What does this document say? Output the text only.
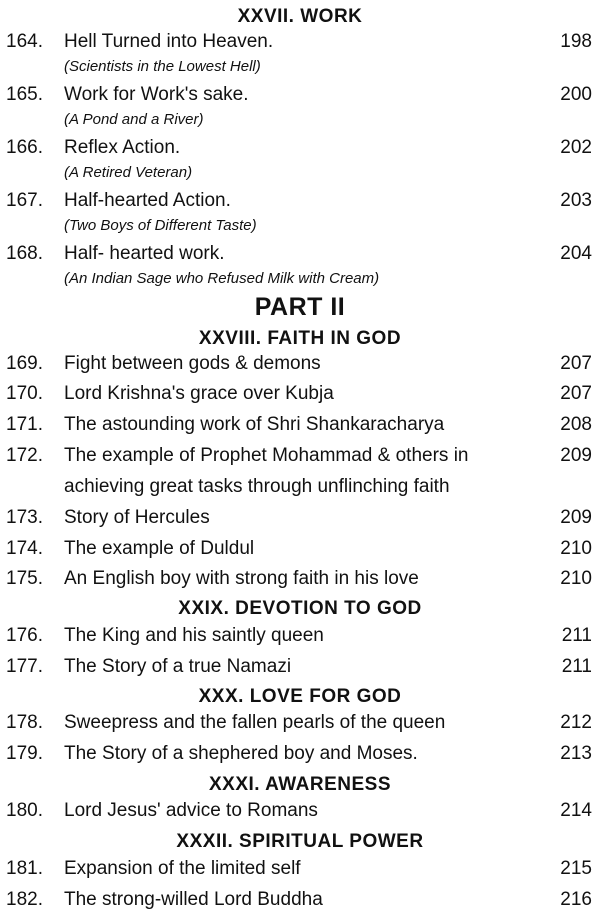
XXVII. WORK
164. Hell Turned into Heaven.	198
(Scientists in the Lowest Hell)
165. Work for Work's sake.	200
(A Pond and a River)
166. Reflex Action.	202
(A Retired Veteran)
167. Half-hearted Action.	203
(Two Boys of Different Taste)
168. Half- hearted work.	204
(An Indian Sage who Refused Milk with Cream)
PART II
XXVIII. FAITH IN GOD
169. Fight between gods & demons	207
170. Lord Krishna's grace over Kubja	207
171. The astounding work of Shri Shankaracharya	208
172. The example of Prophet Mohammad & others in	209
achieving great tasks through unflinching faith
173. Story of Hercules	209
174. The example of Duldul	210
175. An English boy with strong faith in his love	210
XXIX. DEVOTION TO GOD
176. The King and his saintly queen	211
177. The Story of a true Namazi	211
XXX. LOVE FOR GOD
178. Sweepress and the fallen pearls of the queen	212
179. The Story of a shephered boy and Moses.	213
XXXI. AWARENESS
180. Lord Jesus' advice to Romans	214
XXXII. SPIRITUAL POWER
181. Expansion of the limited self	215
182. The strong-willed Lord Buddha	216
